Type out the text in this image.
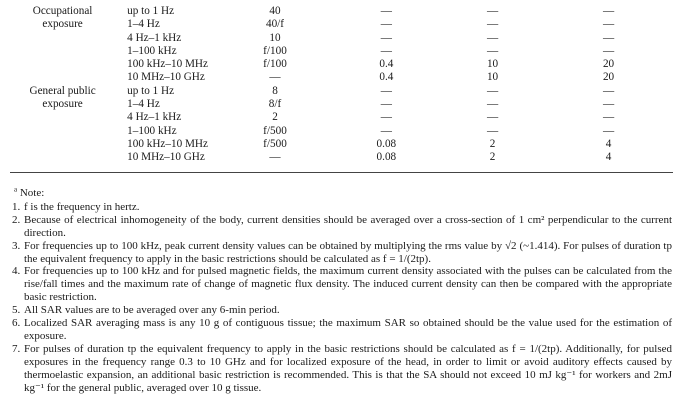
Occupational	up to 1 Hz	40	—	—	—
exposure	1–4 Hz	40/f	—	—	—
	4 Hz–1 kHz	10	—	—	—
	1–100 kHz	f/100	—	—	—
	100 kHz–10 MHz	f/100	0.4	10	20
	10 MHz–10 GHz	—	0.4	10	20
General public	up to 1 Hz	8	—	—	—
exposure	1–4 Hz	8/f	—	—	—
	4 Hz–1 kHz	2	—	—	—
	1–100 kHz	f/500	—	—	—
	100 kHz–10 MHz	f/500	0.08	2	4
	10 MHz–10 GHz	—	0.08	2	4
$^a$ Note:
1. f is the frequency in hertz.
2. Because of electrical inhomogeneity of the body, current densities should be averaged over a cross-section of 1 cm² perpendicular to the current direction.
3. For frequencies up to 100 kHz, peak current density values can be obtained by multiplying the rms value by √2 (~1.414). For pulses of duration tp the equivalent frequency to apply in the basic restrictions should be calculated as f = 1/(2tp).
4. For frequencies up to 100 kHz and for pulsed magnetic fields, the maximum current density associated with the pulses can be calculated from the rise/fall times and the maximum rate of change of magnetic flux density. The induced current density can then be compared with the appropriate basic restriction.
5. All SAR values are to be averaged over any 6-min period.
6. Localized SAR averaging mass is any 10 g of contiguous tissue; the maximum SAR so obtained should be the value used for the estimation of exposure.
7. For pulses of duration tp the equivalent frequency to apply in the basic restrictions should be calculated as f = 1/(2tp). Additionally, for pulsed exposures in the frequency range 0.3 to 10 GHz and for localized exposure of the head, in order to limit or avoid auditory effects caused by thermoelastic expansion, an additional basic restriction is recommended. This is that the SA should not exceed 10 mJ kg⁻¹ for workers and 2mJ kg⁻¹ for the general public, averaged over 10 g tissue.
